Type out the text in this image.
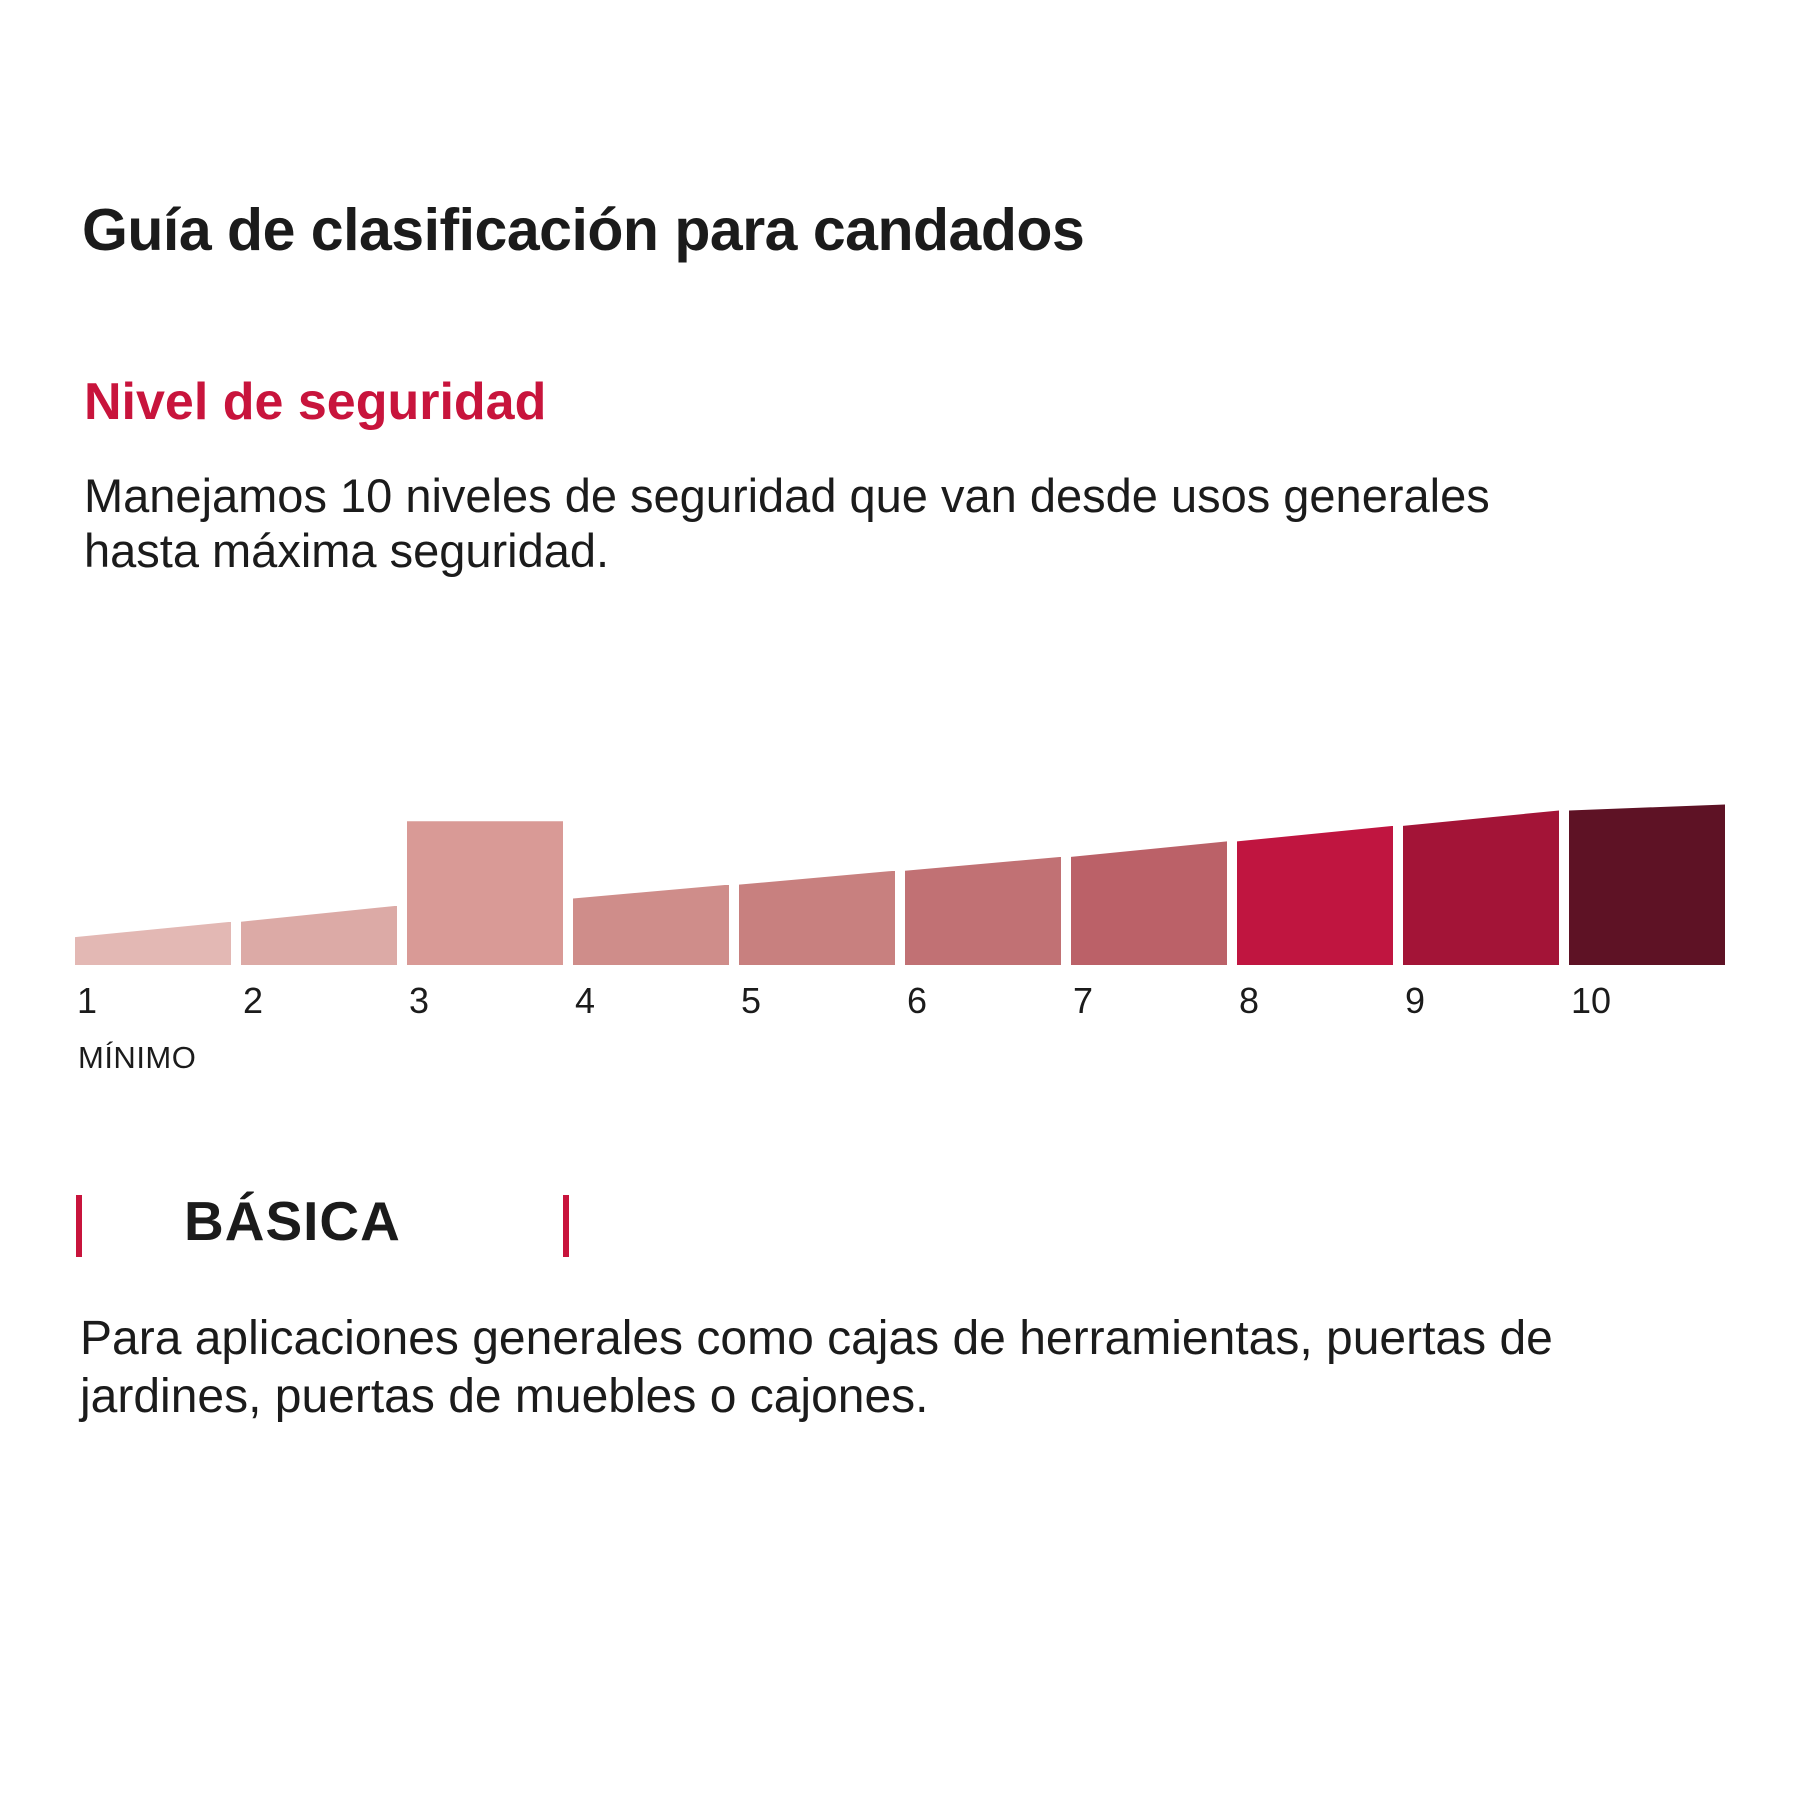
Guía de clasificación para candados
Nivel de seguridad
Manejamos 10 niveles de seguridad que van desde usos generales hasta máxima seguridad.
1	2	3	4	5	6	7	8	9	10
MÍNIMO
BÁSICA
Para aplicaciones generales como cajas de herramientas, puertas de jardines, puertas de muebles o cajones.
